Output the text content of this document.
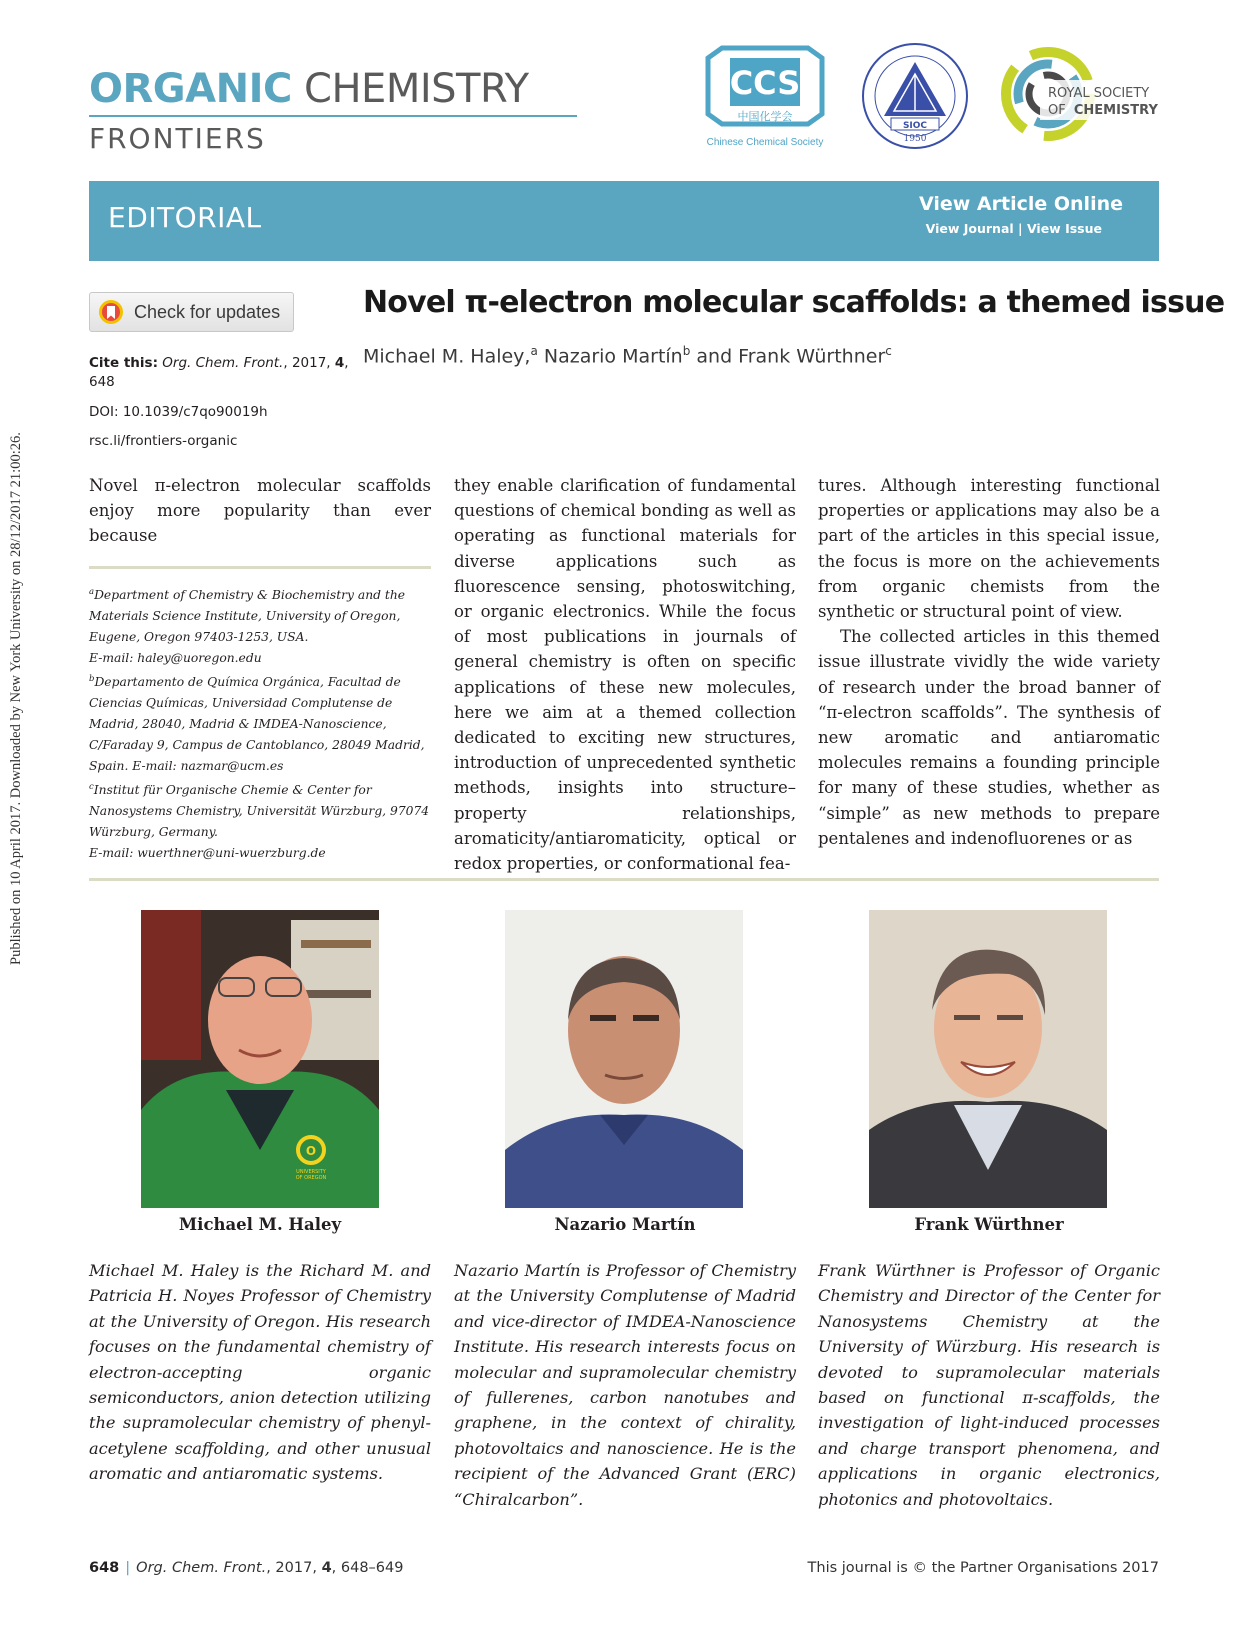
Published on 10 April 2017. Downloaded by New York University on 28/12/2017 21:00:26.
ORGANIC CHEMISTRY
FRONTIERS
CCS
中国化学会
Chinese Chemical Society
SIOC
1950
ROYAL SOCIETY
OF CHEMISTRY
EDITORIAL	View Article Online
View Journal | View Issue
Check for updates	Novel π-electron molecular scaffolds: a themed issue
Michael M. Haley,$^a$ Nazario Martín$^b$ and Frank Würthner$^c$
Cite this: Org. Chem. Front., 2017, 4, 648
DOI: 10.1039/c7qo90019h
rsc.li/frontiers-organic

Novel π-electron molecular scaffolds enjoy more popularity than ever because

they enable clarification of fundamental questions of chemical bonding as well as operating as functional materials for diverse applications such as fluorescence sensing, photoswitching, or organic electronics. While the focus of most publications in journals of general chemistry is often on specific applications of these new molecules, here we aim at a themed collection dedicated to exciting new structures, introduction of unprecedented synthetic methods, insights into structure–property relationships, aromaticity/antiaromaticity, optical or redox properties, or conformational fea-

tures. Although interesting functional properties or applications may also be a part of the articles in this special issue, the focus is more on the achievements from organic chemists from the synthetic or structural point of view.

The collected articles in this themed issue illustrate vividly the wide variety of research under the broad banner of “π-electron scaffolds”. The synthesis of new aromatic and antiaromatic molecules remains a founding principle for many of these studies, whether as “simple” as new methods to prepare pentalenes and indenofluorenes or as

$^a$Department of Chemistry & Biochemistry and the Materials Science Institute, University of Oregon, Eugene, Oregon 97403-1253, USA.

E-mail: haley@uoregon.edu

$^b$Departamento de Química Orgánica, Facultad de Ciencias Químicas, Universidad Complutense de Madrid, 28040, Madrid & IMDEA-Nanoscience, C/Faraday 9, Campus de Cantoblanco, 28049 Madrid, Spain. E-mail: nazmar@ucm.es

$^c$Institut für Organische Chemie & Center for Nanosystems Chemistry, Universität Würzburg, 97074 Würzburg, Germany.

E-mail: wuerthner@uni-wuerzburg.de

O
UNIVERSITY
OF OREGON
Michael M. Haley	Nazario Martín	Frank Würthner
Michael M. Haley is the Richard M. and Patricia H. Noyes Professor of Chemistry at the University of Oregon. His research focuses on the fundamental chemistry of electron-accepting organic semiconductors, anion detection utilizing the supramolecular chemistry of phenyl-acetylene scaffolding, and other unusual aromatic and antiaromatic systems.
Nazario Martín is Professor of Chemistry at the University Complutense of Madrid and vice-director of IMDEA-Nanoscience Institute. His research interests focus on molecular and supramolecular chemistry of fullerenes, carbon nanotubes and graphene, in the context of chirality, photovoltaics and nanoscience. He is the recipient of the Advanced Grant (ERC) “Chiralcarbon”.
Frank Würthner is Professor of Organic Chemistry and Director of the Center for Nanosystems Chemistry at the University of Würzburg. His research is devoted to supramolecular materials based on functional π-scaffolds, the investigation of light-induced processes and charge transport phenomena, and applications in organic electronics, photonics and photovoltaics.
648 | Org. Chem. Front., 2017, 4, 648–649	This journal is © the Partner Organisations 2017
